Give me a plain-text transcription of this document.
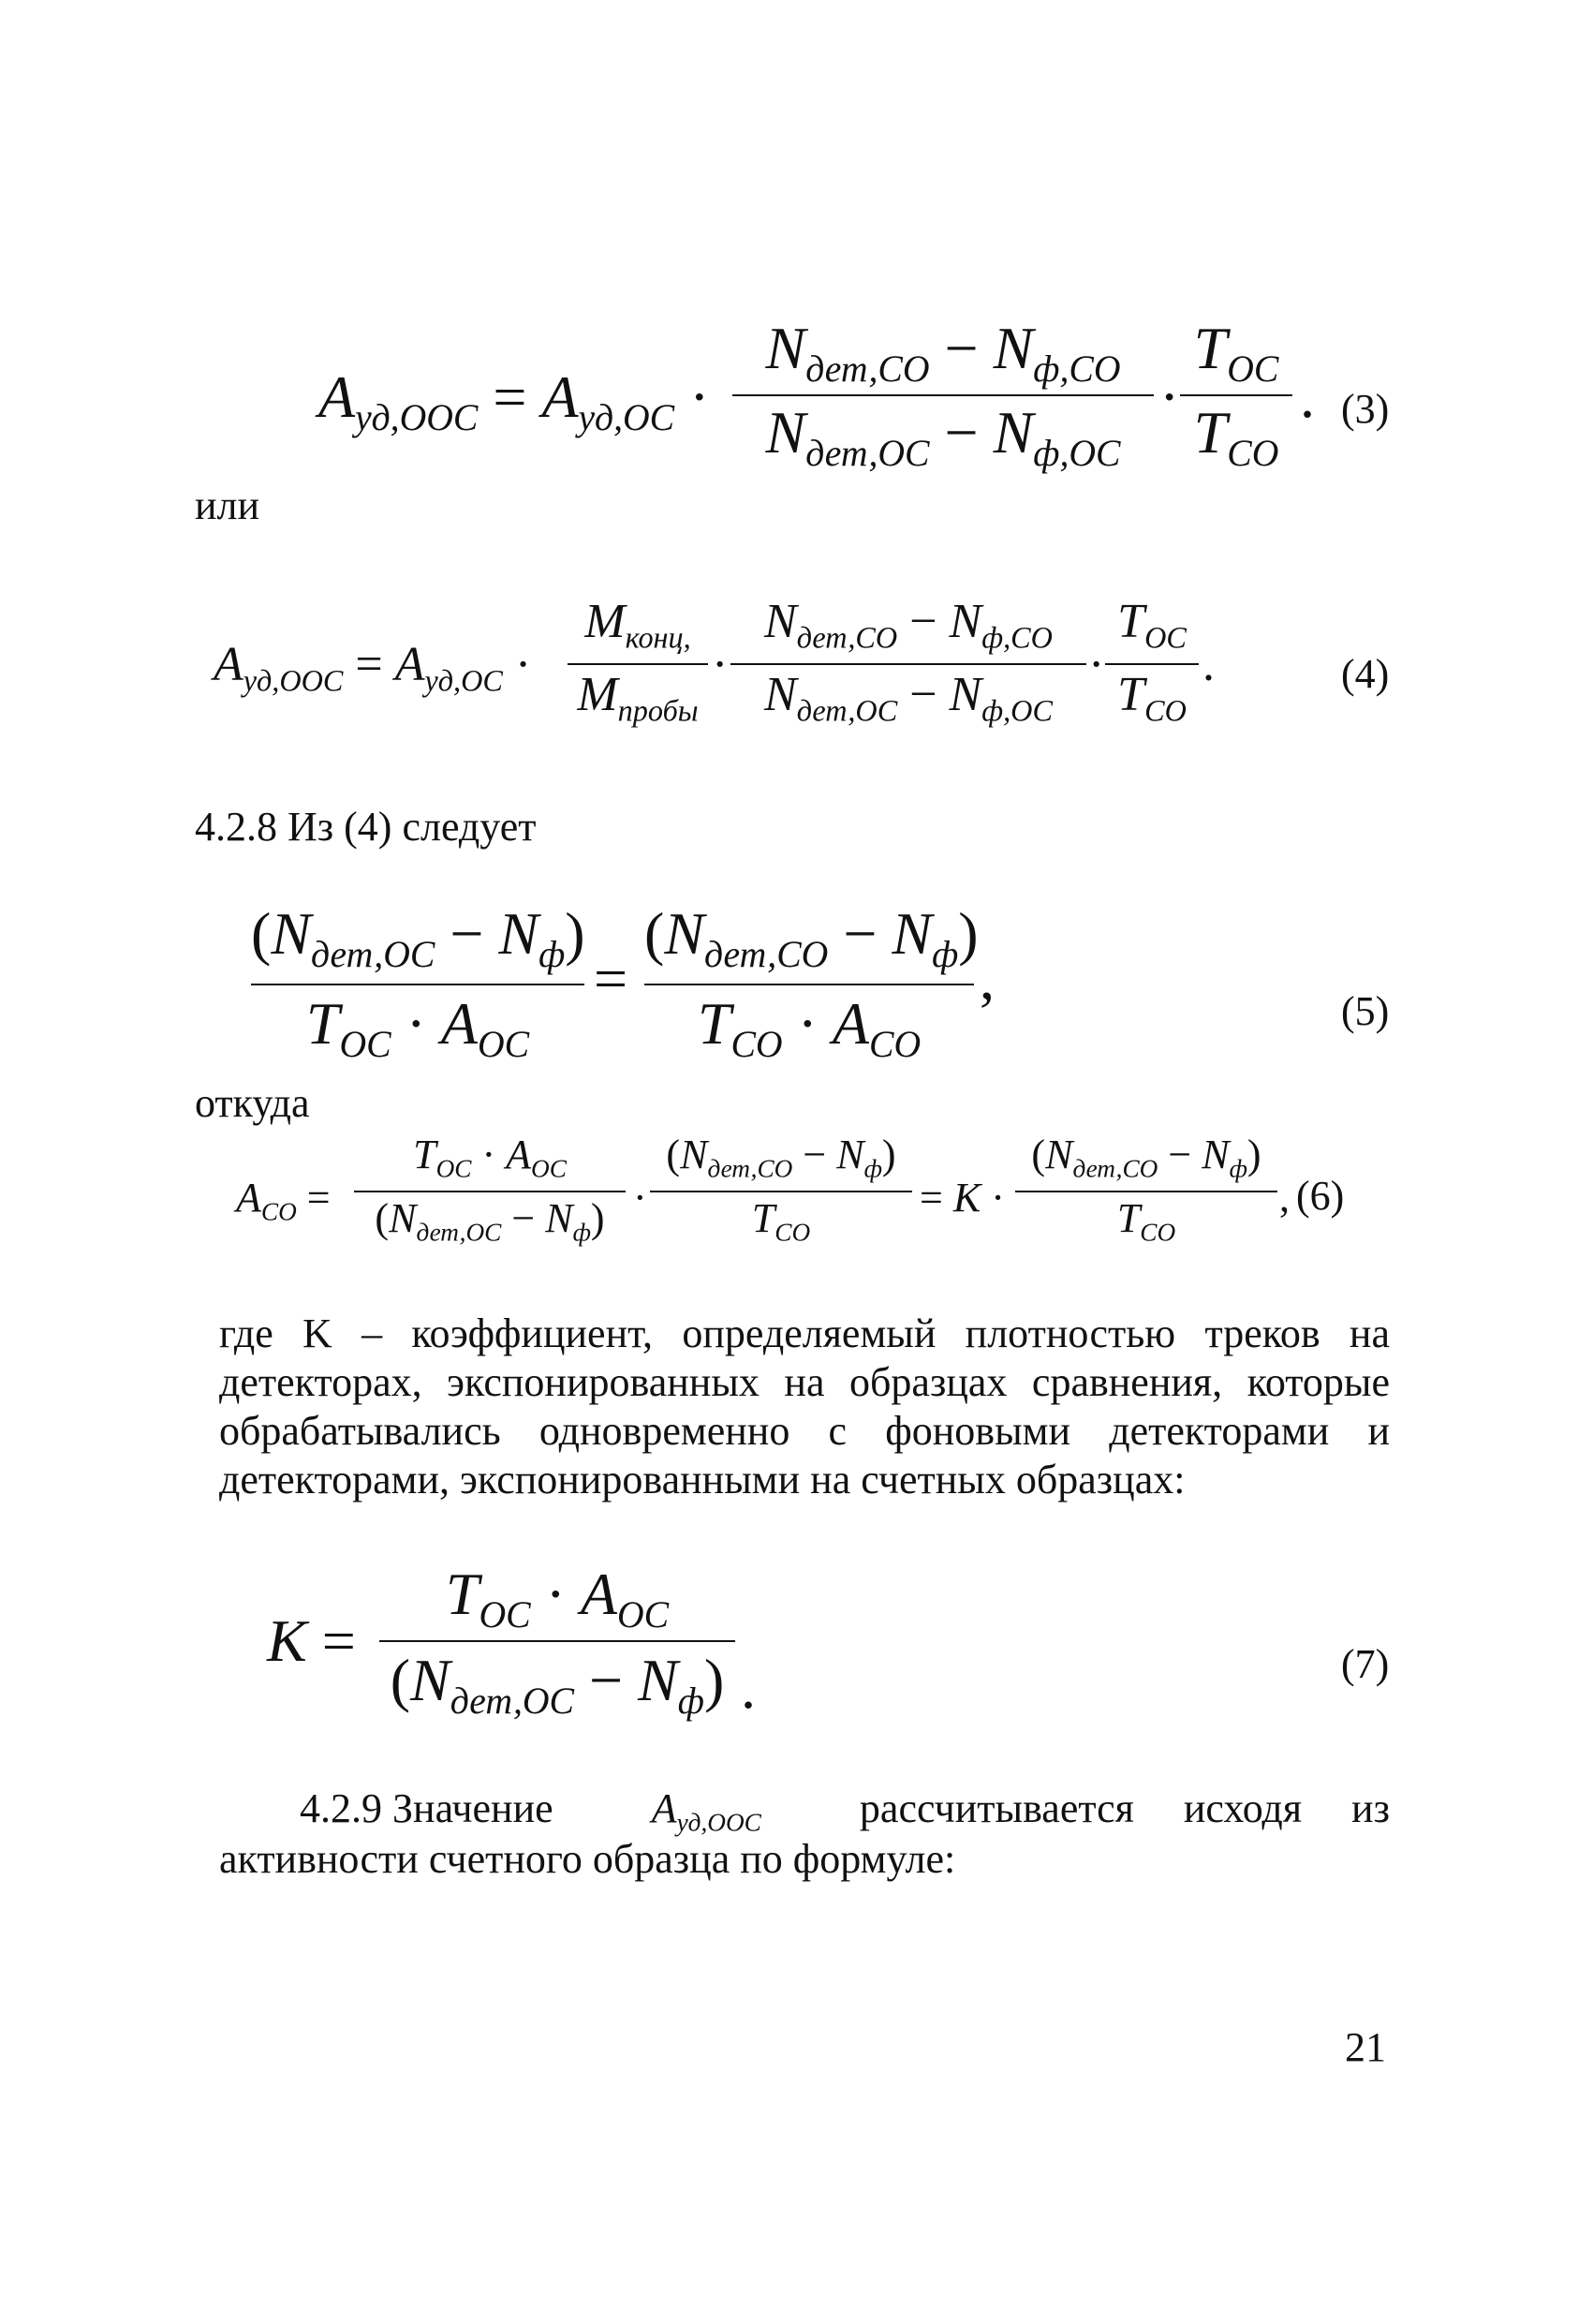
$A_{уд,ООС} = A_{уд,ОС}$ ·
$N_{дет,СО} - N_{ф,СО}$
$N_{дет,ОС} - N_{ф,ОС}$
·
$T_{ОС}$
$T_{СО}$
. (3)
или
$A_{уд,ООС} = A_{уд,ОС}$ ·
$M_{конц,}$
$M_{пробы}$
·
$N_{дет,СО} - N_{ф,СО}$
$N_{дет,ОС} - N_{ф,ОС}$
·
$T_{ОС}$
$T_{СО}$
.	(4)
4.2.8 Из (4) следует
$(N_{дет,ОС} - N_ф)$
$T_{ОС} \cdot A_{ОС}$
=
$(N_{дет,СО} - N_ф)$
$T_{СО} \cdot A_{СО}$
,	(5)
откуда
$A_{СО}$ =
$T_{ОС} \cdot A_{ОС}$
$(N_{дет,ОС} - N_ф)$ ·
$(N_{дет,СО} - N_ф)$
$T_{СО}$
= K ·
$(N_{дет,СО} - N_ф)$
$T_{СО}$
, (6)
где K – коэффициент, определяемый плотностью треков на
детекторах, экспонированных на образцах сравнения, которые
обрабатывались одновременно с фоновыми детекторами и
детекторами, экспонированными на счетных образцах:
K =
$T_{ОС} \cdot A_{ОС}$
$(N_{дет,ОС} - N_ф)$ .	(7)
4.2.9 Значение $A_{уд,ООС}$ рассчитывается исходя из
активности счетного образца по формуле:
21
